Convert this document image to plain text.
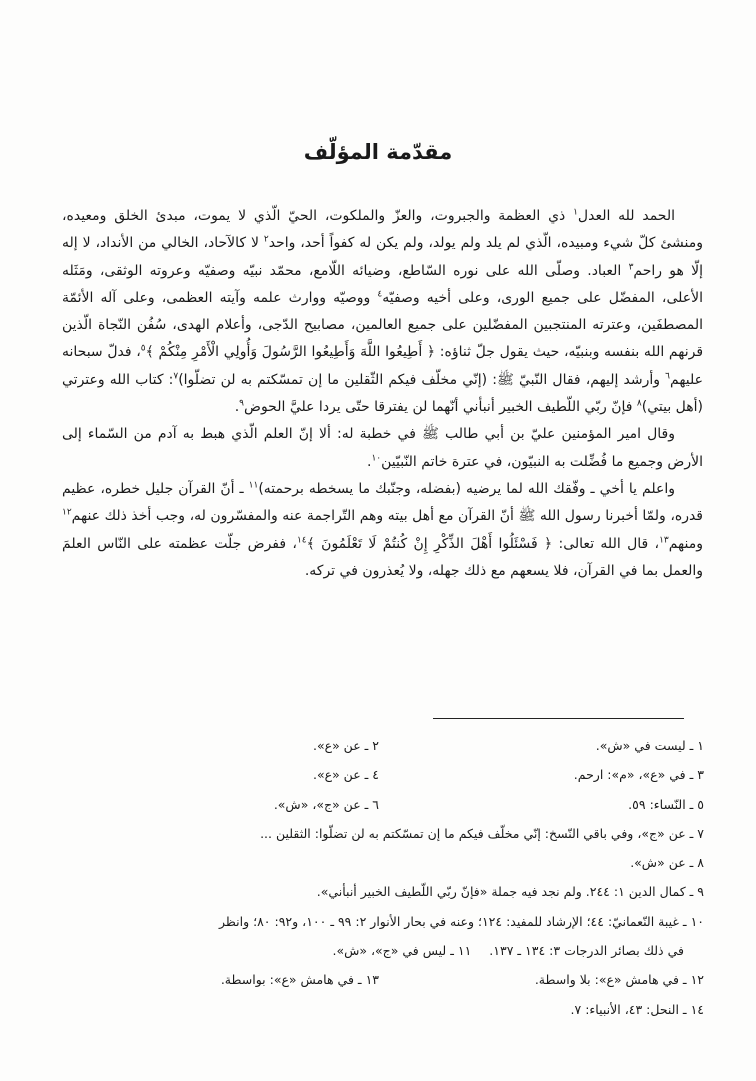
مقدّمة المؤلّف

الحمد لله العدل$^١$ ذي العظمة والجبروت، والعزّ والملكوت، الحيّ الّذي لا يموت، مبدئ الخلق ومعيده، ومنشئ كلّ شيء ومبيده، الّذي لم يلد ولم يولد، ولم يكن له كفواً أحد، واحد$^٢$ لا كالآحاد، الخالي من الأنداد، لا إله إلّا هو راحم$^٣$ العباد. وصلّى الله على نوره السّاطع، وضيائه اللّامع، محمّد نبيّه وصفيّه وعروته الوثقى، ومَثَله الأعلى، المفضّل على جميع الورى، وعلى أخيه وصفيّه$^٤$ ووصيّه ووارث علمه وآيته العظمى، وعلى آله الأئمّة المصطفَين، وعترته المنتجبين المفضّلين على جميع العالمين، مصابيح الدّجى، وأعلام الهدى، سُفُن النّجاة الّذين قرنهم الله بنفسه وبنبيّه، حيث يقول جلّ ثناؤه: ﴿ أَطِيعُوا اللَّهَ وَأَطِيعُوا الرَّسُولَ وَأُولِي الْأَمْرِ مِنْكُمْ ﴾$^٥$، فدلّ سبحانه عليهم$^٦$ وأرشد إليهم، فقال النّبيّ ﷺ: (إنّي مخلّف فيكم الثّقلين ما إن تمسّكتم به لن تضلّوا)$^٧$: كتاب الله وعترتي (أهل بيتي)$^٨$ فإنّ ربّي اللّطيف الخبير أنبأني أنّهما لن يفترقا حتّى يردا عليَّ الحوض$^٩$.

وقال امير المؤمنين عليّ بن أبي طالب ﷺ في خطبة له: ألا إنّ العلم الّذي هبط به آدم من السّماء إلى الأرض وجميع ما فُضِّلت به النبيّون، في عترة خاتم النّبيّين$^{١٠}$.

واعلم يا أخي ـ وفّقك الله لما يرضيه (بفضله، وجنّبك ما يسخطه برحمته)$^{١١}$ ـ أنّ القرآن جليل خطره، عظيم قدره، ولمّا أخبرنا رسول الله ﷺ أنّ القرآن مع أهل بيته وهم التّراجمة عنه والمفسّرون له، وجب أخذ ذلك عنهم$^{١٢}$ ومنهم$^{١٣}$، قال الله تعالى: ﴿ فَسْئَلُوا أَهْلَ الذِّكْرِ إِنْ كُنتُمْ لَا تَعْلَمُونَ ﴾$^{١٤}$، ففرض جلّت عظمته على النّاس العلمَ والعمل بما في القرآن، فلا يسعهم مع ذلك جهله، ولا يُعذرون في تركه.

١ ـ ليست في «ش».
٢ ـ عن «ع».
٣ ـ في «ع»، «م»: ارحم.
٤ ـ عن «ع».
٥ ـ النّساء: ٥٩.
٦ ـ عن «ج»، «ش».
٧ ـ عن «ج»، وفي باقي النّسخ: إنّي مخلّف فيكم ما إن تمسّكتم به لن تضلّوا: الثقلين ...
٨ ـ عن «ش».
٩ ـ كمال الدين ١: ٢٤٤. ولم نجد فيه جملة «فإنّ ربّي اللّطيف الخبير أنبأني».
١٠ ـ غيبة النّعمانيّ: ٤٤؛ الإرشاد للمفيد: ١٢٤؛ وعنه في بحار الأنوار ٢: ٩٩ ـ ١٠٠، و٩٢: ٨٠؛ وانظر
في ذلك بصائر الدرجات ٣: ١٣٤ ـ ١٣٧.١١ ـ ليس في «ج»، «ش».
١٢ ـ في هامش «ع»: بلا واسطة.
١٣ ـ في هامش «ع»: بواسطة.
١٤ ـ النحل: ٤٣، الأنبياء: ٧.
